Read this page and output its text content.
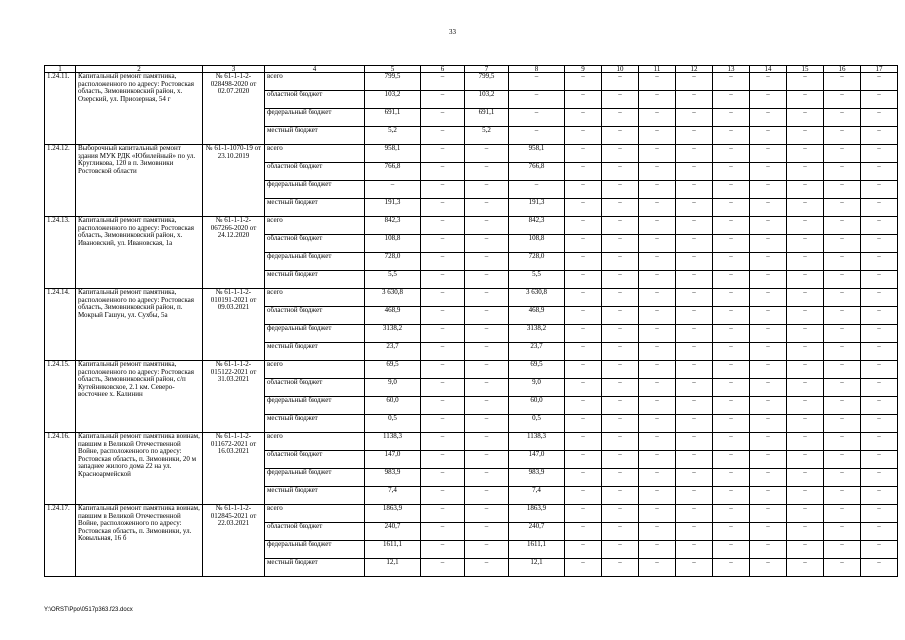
33
1	2	3	4	5	6	7	8	9	10	11	12	13	14	15	16	17
1.24.11.	Капитальный ремонт памятника, расположенного по адресу: Ростовская область, Зимовниковский район, х. Озерский, ул. Приозерная, 54 г	№ 61-1-1-2-028498-2020 от 02.07.2020	всего	799,5	–	799,5	–	–	–	–	–	–	–	–	–	–
			областной бюджет	103,2	–	103,2	–	–	–	–	–	–	–	–	–	–
			федеральный бюджет	691,1	–	691,1	–	–	–	–	–	–	–	–	–	–
			местный бюджет	5,2	–	5,2	–	–	–	–	–	–	–	–	–	–
1.24.12.	Выборочный капитальный ремонт здания МУК РДК «Юбилейный» по ул. Кругликова, 120 в п. Зимовники Ростовской области	№ 61-1-1070-19 от 23.10.2019	всего	958,1	–	–	958,1	–	–	–	–	–	–	–	–	–
			областной бюджет	766,8	–	–	766,8	–	–	–	–	–	–	–	–	–
			федеральный бюджет	–	–	–	–	–	–	–	–	–	–	–	–	–
			местный бюджет	191,3	–	–	191,3	–	–	–	–	–	–	–	–	–
1.24.13.	Капитальный ремонт памятника, расположенного по адресу: Ростовская область, Зимовниковский район, х. Ивановский, ул. Ивановская, 1а	№ 61-1-1-2-067266-2020 от 24.12.2020	всего	842,3	–	–	842,3	–	–	–	–	–	–	–	–	–
			областной бюджет	108,8	–	–	108,8	–	–	–	–	–	–	–	–	–
			федеральный бюджет	728,0	–	–	728,0	–	–	–	–	–	–	–	–	–
			местный бюджет	5,5	–	–	5,5	–	–	–	–	–	–	–	–	–
1.24.14.	Капитальный ремонт памятника, расположенного по адресу: Ростовская область, Зимовниковский район, п. Мокрый Гашун, ул. Сухбы, 5а	№ 61-1-1-2-010191-2021 от 09.03.2021	всего	3 630,8	–	–	3 630,8	–	–	–	–	–	–	–	–	–
			областной бюджет	468,9	–	–	468,9	–	–	–	–	–	–	–	–	–
			федеральный бюджет	3138,2	–	–	3138,2	–	–	–	–	–	–	–	–	–
			местный бюджет	23,7	–	–	23,7	–	–	–	–	–	–	–	–	–
1.24.15.	Капитальный ремонт памятника, расположенного по адресу: Ростовская область, Зимовниковский район, с/п Кутейниковское, 2.1 км. Северо-восточнее х. Калинин	№ 61-1-1-2-015122-2021 от 31.03.2021	всего	69,5	–	–	69,5	–	–	–	–	–	–	–	–	–
			областной бюджет	9,0	–	–	9,0	–	–	–	–	–	–	–	–	–
			федеральный бюджет	60,0	–	–	60,0	–	–	–	–	–	–	–	–	–
			местный бюджет	0,5	–	–	0,5	–	–	–	–	–	–	–	–	–
1.24.16.	Капитальный ремонт памятника воинам, павшим в Великой Отечественной Войне, расположенного по адресу: Ростовская область, п. Зимовники, 20 м западнее жилого дома 22 на ул. Красноармейской	№ 61-1-1-2-011672-2021 от 16.03.2021	всего	1138,3	–	–	1138,3	–	–	–	–	–	–	–	–	–
			областной бюджет	147,0	–	–	147,0	–	–	–	–	–	–	–	–	–
			федеральный бюджет	983,9	–	–	983,9	–	–	–	–	–	–	–	–	–
			местный бюджет	7,4	–	–	7,4	–	–	–	–	–	–	–	–	–
1.24.17.	Капитальный ремонт памятника воинам, павшим в Великой Отечественной Войне, расположенного по адресу: Ростовская область, п. Зимовники, ул. Ковыльная, 16 б	№ 61-1-1-2-012845-2021 от 22.03.2021	всего	1863,9	–	–	1863,9	–	–	–	–	–	–	–	–	–
			областной бюджет	240,7	–	–	240,7	–	–	–	–	–	–	–	–	–
			федеральный бюджет	1611,1	–	–	1611,1	–	–	–	–	–	–	–	–	–
			местный бюджет	12,1	–	–	12,1	–	–	–	–	–	–	–	–	–
Y:\ORST\Ppo\0517p363.f23.docx
